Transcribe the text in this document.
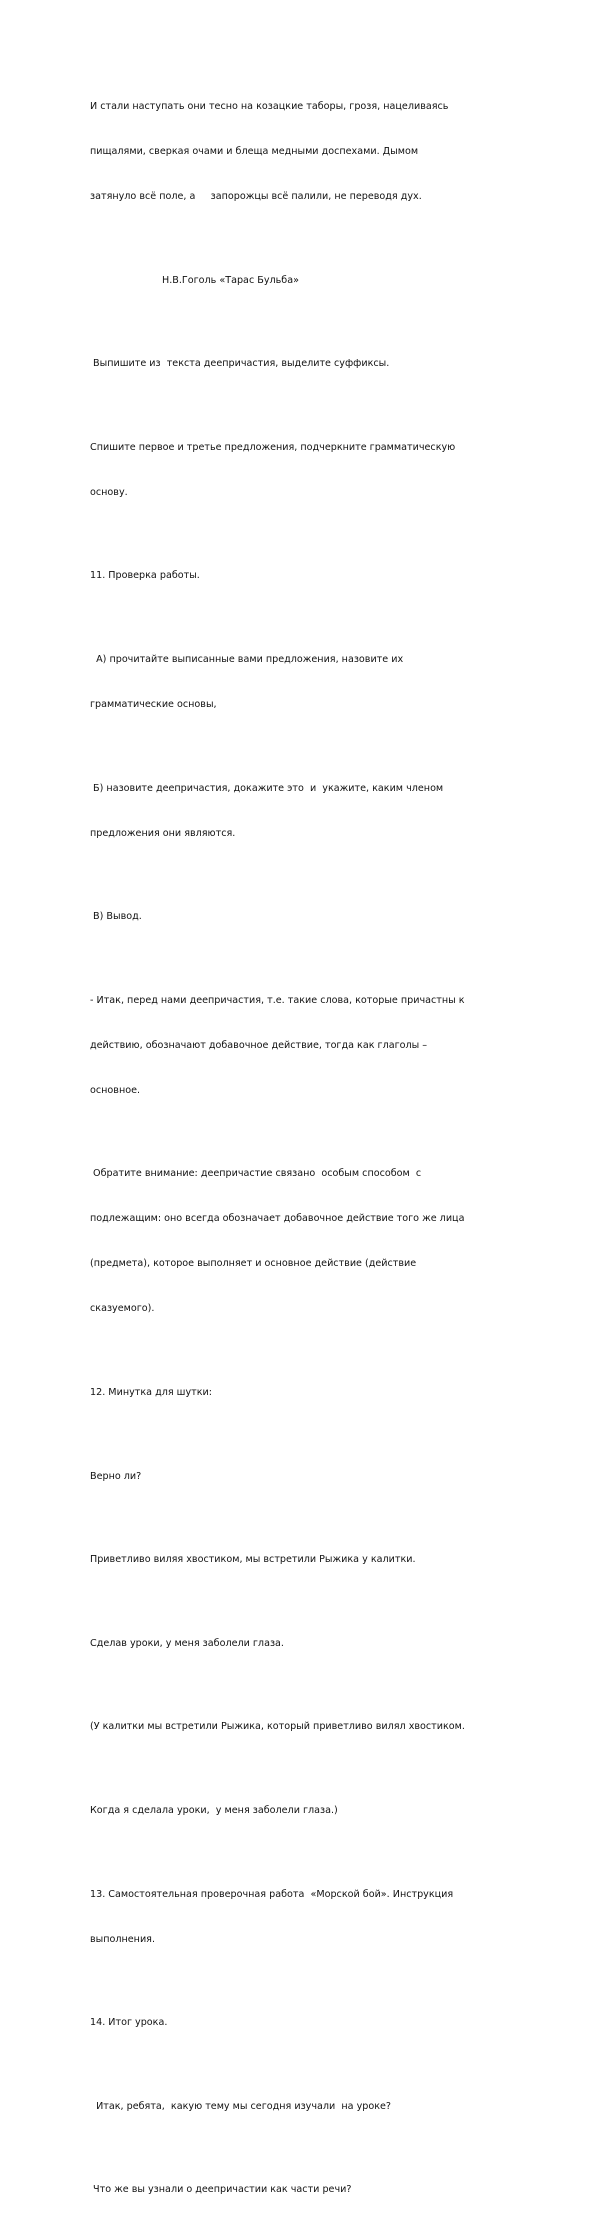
И стали наступать они тесно на козацкие таборы, грозя, нацеливаясь

пищалями, сверкая очами и блеща медными доспехами. Дымом

затянуло всё поле, а     запорожцы всё палили, не переводя дух.

Н.В.Гоголь «Тарас Бульба»

Выпишите из  текста деепричастия, выделите суффиксы.

Спишите первое и третье предложения, подчеркните грамматическую

основу.

11. Проверка работы.

А) прочитайте выписанные вами предложения, назовите их

грамматические основы,

Б) назовите деепричастия, докажите это  и  укажите, каким членом

предложения они являются.

В) Вывод.

- Итак, перед нами деепричастия, т.е. такие слова, которые причастны к

действию, обозначают добавочное действие, тогда как глаголы –

основное.

Обратите внимание: деепричастие связано  особым способом  с

подлежащим: оно всегда обозначает добавочное действие того же лица

(предмета), которое выполняет и основное действие (действие

сказуемого).

12. Минутка для шутки:

Верно ли?

Приветливо виляя хвостиком, мы встретили Рыжика у калитки.

Сделав уроки, у меня заболели глаза.

(У калитки мы встретили Рыжика, который приветливо вилял хвостиком.

Когда я сделала уроки,  у меня заболели глаза.)

13. Самостоятельная проверочная работа  «Морской бой». Инструкция

выполнения.

14. Итог урока.

Итак, ребята,  какую тему мы сегодня изучали  на уроке?

Что же вы узнали о деепричастии как части речи?
